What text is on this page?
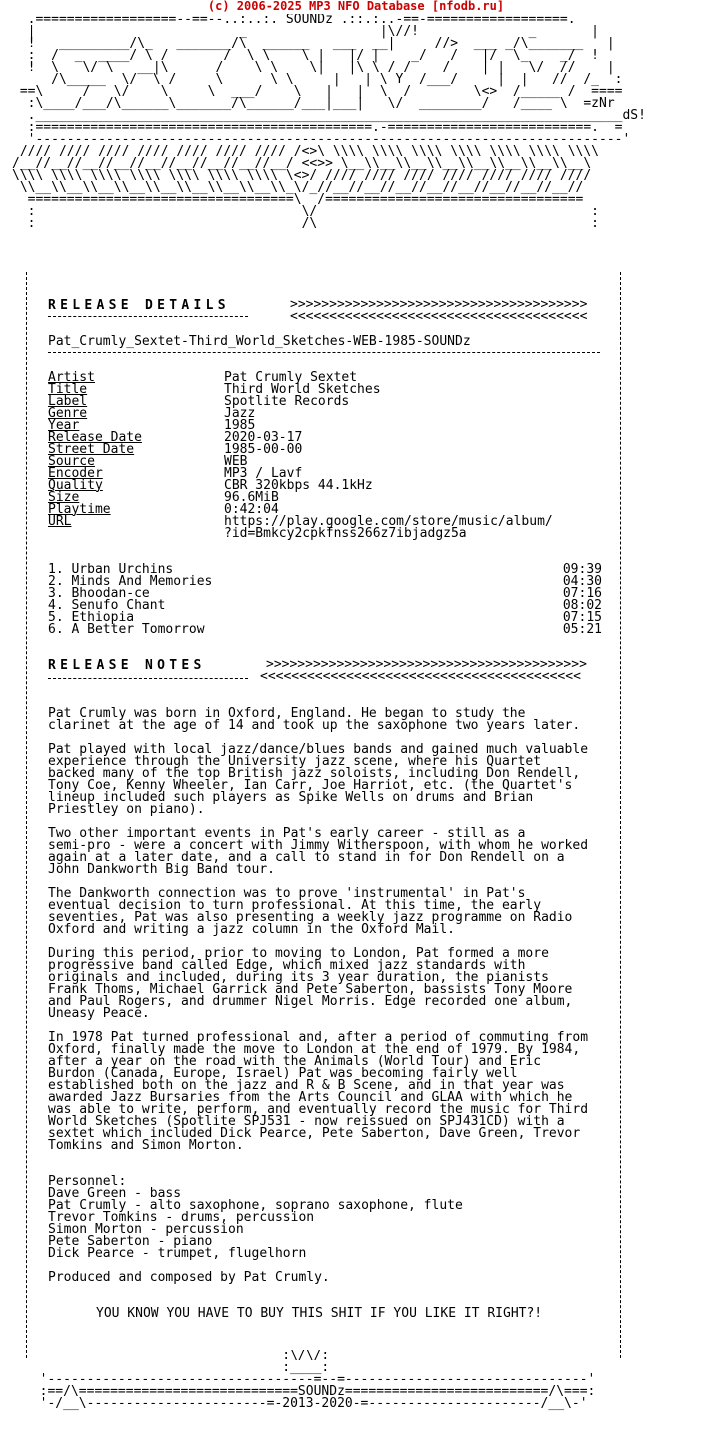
(c) 2006-2025 MP3 NFO Database [nfodb.ru]
.==================--==--..:..:. SOUNDz .::.:..-==-==================.
|                          _                 |\//!              _       |
!   _________/\_   _______/\  ______   ___  __|     //>  ___ _/\_______   |
:  /  _  ____/ \ /       /  \ \    \ |   |/ |    _/   /   |/  \_    _/  !
!  \   \/ \   __|\      /    \ \    \|   |\ \ / /    /    | |   \/  //    |
/\_____  \/  \ /     \      \ \     |   | \ Y  /___/     |  |   //  /_  :
==\     /   \/    \     \  ___/    \   |   |  \  /        \<>  /_____ /  ====
:\____/___/\______\_______/\______/___|___|   \/  ________/   /____ \  =zNr
.___________________________________________________________________________dS!
:===========================================.-==========================.  =
'---------------------------------------------------------------------------'
//// //// //// //// //// //// //// /<>\ \\\\ \\\\ \\\\ \\\\ \\\\ \\\\ \\\\
/__//__//__//__//__//__//__//__//__/ <<>> \__\\__\\__\\__\\__\\__\\__\\__\
\\\\ \\\\ \\\\ \\\\ \\\\ \\\\ \\\\ \<>/ //// //// //// //// //// //// ////
\\__\\__\\__\\__\\__\\__\\__\\__\\_\/_//__//__//__//__//__//__//__//__//
==================================\  /=================================
:                                  \/                                   :
:                                  /\                                   :
RELEASE DETAILS	>>>>>>>>>>>>>>>>>>>>>>>>>>>>>>>>>>>>>>
<<<<<<<<<<<<<<<<<<<<<<<<<<<<<<<<<<<<<<
Pat_Crumly_Sextet-Third_World_Sketches-WEB-1985-SOUNDz
Artist	Pat Crumly Sextet
Title	Third World Sketches
Label	Spotlite Records
Genre	Jazz
Year	1985
Release Date	2020-03-17
Street Date	1985-00-00
Source	WEB
Encoder	MP3 / Lavf
Quality	CBR 320kbps 44.1kHz
Size	96.6MiB
Playtime	0:42:04
URL	https://play.google.com/store/music/album/
?id=Bmkcy2cpkfnss266z7ibjadgz5a
1. Urban Urchins	09:39
2. Minds And Memories	04:30
3. Bhoodan-ce	07:16
4. Senufo Chant	08:02
5. Ethiopia	07:15
6. A Better Tomorrow	05:21
RELEASE NOTES	>>>>>>>>>>>>>>>>>>>>>>>>>>>>>>>>>>>>>>>>>
<<<<<<<<<<<<<<<<<<<<<<<<<<<<<<<<<<<<<<<<<
Pat Crumly was born in Oxford, England. He began to study the
clarinet at the age of 14 and took up the saxophone two years later.
Pat played with local jazz/dance/blues bands and gained much valuable
experience through the University jazz scene, where his Quartet
backed many of the top British jazz soloists, including Don Rendell,
Tony Coe, Kenny Wheeler, Ian Carr, Joe Harriot, etc. (the Quartet's
lineup included such players as Spike Wells on drums and Brian
Priestley on piano).
Two other important events in Pat's early career - still as a
semi-pro - were a concert with Jimmy Witherspoon, with whom he worked
again at a later date, and a call to stand in for Don Rendell on a
John Dankworth Big Band tour.
The Dankworth connection was to prove 'instrumental' in Pat's
eventual decision to turn professional. At this time, the early
seventies, Pat was also presenting a weekly jazz programme on Radio
Oxford and writing a jazz column in the Oxford Mail.
During this period, prior to moving to London, Pat formed a more
progressive band called Edge, which mixed jazz standards with
originals and included, during its 3 year duration, the pianists
Frank Thoms, Michael Garrick and Pete Saberton, bassists Tony Moore
and Paul Rogers, and drummer Nigel Morris. Edge recorded one album,
Uneasy Peace.
In 1978 Pat turned professional and, after a period of commuting from
Oxford, finally made the move to London at the end of 1979. By 1984,
after a year on the road with the Animals (World Tour) and Eric
Burdon (Canada, Europe, Israel) Pat was becoming fairly well
established both on the jazz and R & B Scene, and in that year was
awarded Jazz Bursaries from the Arts Council and GLAA with which he
was able to write, perform, and eventually record the music for Third
World Sketches (Spotlite SPJ531 - now reissued on SPJ431CD) with a
sextet which included Dick Pearce, Pete Saberton, Dave Green, Trevor
Tomkins and Simon Morton.
Personnel:
Dave Green - bass
Pat Crumly - alto saxophone, soprano saxophone, flute
Trevor Tomkins - drums, percussion
Simon Morton - percussion
Pete Saberton - piano
Dick Pearce - trumpet, flugelhorn
Produced and composed by Pat Crumly.
YOU KNOW YOU HAVE TO BUY THIS SHIT IF YOU LIKE IT RIGHT?!
:\/\/:
:____:
'----------------------------------=--=-------------------------------'
:==/\============================SOUNDz==========================/\===:
'-/__\-----------------------=-2013-2020-=----------------------/__\-'
